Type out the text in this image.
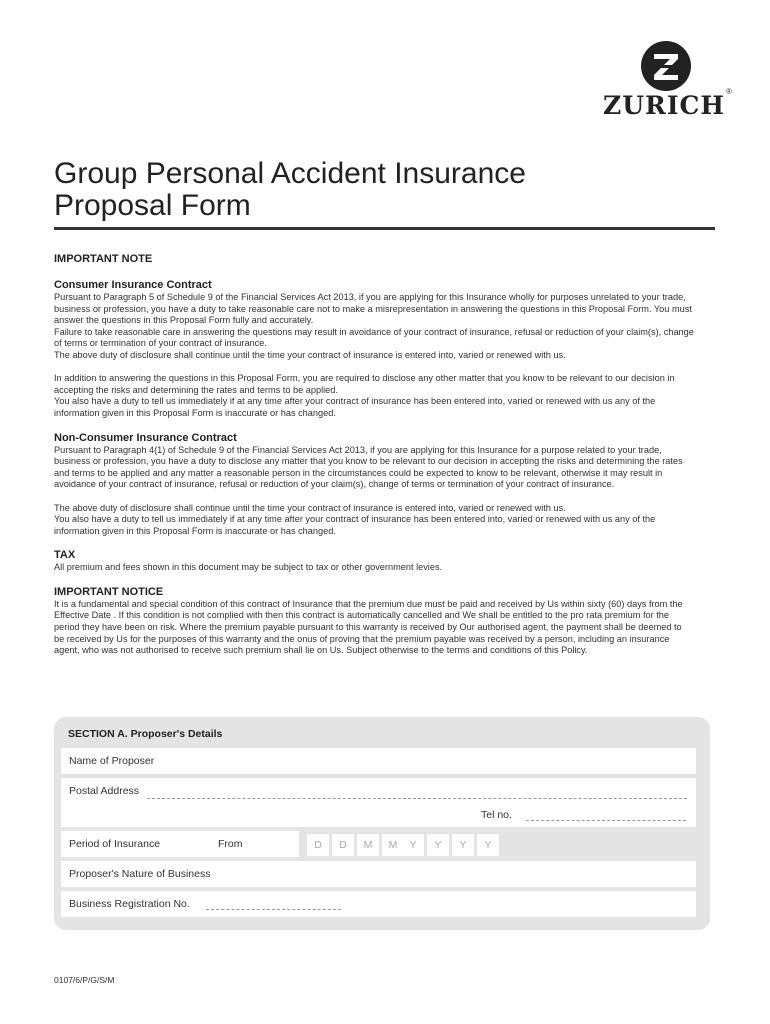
ZURICH ®
Group Personal Accident Insurance
Proposal Form
IMPORTANT NOTE
Consumer Insurance Contract

Pursuant to Paragraph 5 of Schedule 9 of the Financial Services Act 2013, if you are applying for this Insurance wholly for purposes unrelated to your trade, business or profession, you have a duty to take reasonable care not to make a misrepresentation in answering the questions in this Proposal Form. You must answer the questions in this Proposal Form fully and accurately.

Failure to take reasonable care in answering the questions may result in avoidance of your contract of insurance, refusal or reduction of your claim(s), change of terms or termination of your contract of insurance.

The above duty of disclosure shall continue until the time your contract of insurance is entered into, varied or renewed with us.

In addition to answering the questions in this Proposal Form, you are required to disclose any other matter that you know to be relevant to our decision in accepting the risks and determining the rates and terms to be applied.

You also have a duty to tell us immediately if at any time after your contract of insurance has been entered into, varied or renewed with us any of the information given in this Proposal Form is inaccurate or has changed.

Non-Consumer Insurance Contract

Pursuant to Paragraph 4(1) of Schedule 9 of the Financial Services Act 2013, if you are applying for this Insurance for a purpose related to your trade, business or profession, you have a duty to disclose any matter that you know to be relevant to our decision in accepting the risks and determining the rates and terms to be applied and any matter a reasonable person in the circumstances could be expected to know to be relevant, otherwise it may result in avoidance of your contract of insurance, refusal or reduction of your claim(s), change of terms or termination of your contract of insurance.

The above duty of disclosure shall continue until the time your contract of insurance is entered into, varied or renewed with us.

You also have a duty to tell us immediately if at any time after your contract of insurance has been entered into, varied or renewed with us any of the information given in this Proposal Form is inaccurate or has changed.

TAX

All premium and fees shown in this document may be subject to tax or other government levies.

IMPORTANT NOTICE

It is a fundamental and special condition of this contract of Insurance that the premium due must be paid and received by Us within sixty (60) days from the Effective Date . If this condition is not complied with then this contract is automatically cancelled and We shall be entitled to the pro rata premium for the period they have been on risk. Where the premium payable pursuant to this warranty is received by Our authorised agent, the payment shall be deemed to be received by Us for the purposes of this warranty and the onus of proving that the premium payable was received by a person, including an insurance agent, who was not authorised to receive such premium shall lie on Us. Subject otherwise to the terms and conditions of this Policy.

SECTION A. Proposer's Details
Name of Proposer
Postal Address
Tel no.
Period of Insurance	From	D	D	M	M	Y	Y	Y	Y
Proposer's Nature of Business
Business Registration No.
0107/6/P/G/S/M
